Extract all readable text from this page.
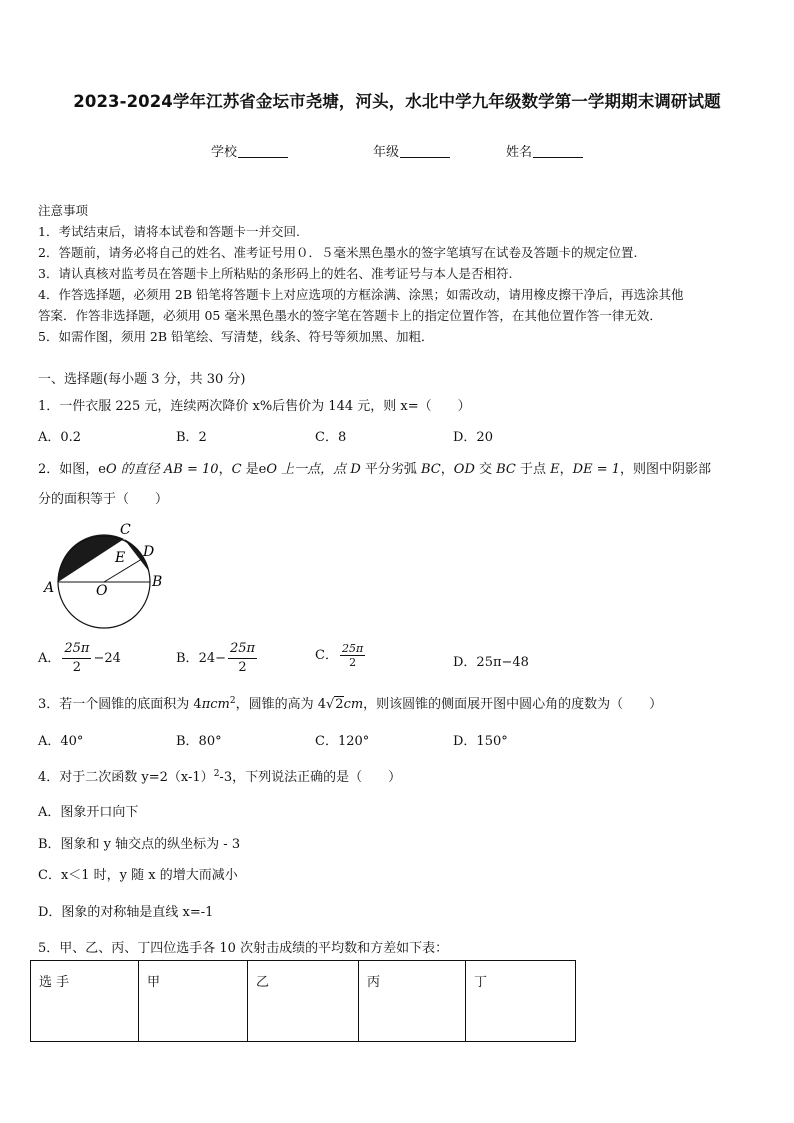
2023-2024学年江苏省金坛市尧塘，河头，水北中学九年级数学第一学期期末调研试题
学校	年级	姓名
注意事项
1．考试结束后，请将本试卷和答题卡一并交回.
2．答题前，请务必将自己的姓名、准考证号用０．５毫米黑色墨水的签字笔填写在试卷及答题卡的规定位置.
3．请认真核对监考员在答题卡上所粘贴的条形码上的姓名、准考证号与本人是否相符.
4．作答选择题，必须用 2B 铅笔将答题卡上对应选项的方框涂满、涂黑；如需改动，请用橡皮擦干净后，再选涂其他
答案．作答非选择题，必须用 05 毫米黑色墨水的签字笔在答题卡上的指定位置作答，在其他位置作答一律无效．
5．如需作图，须用 2B 铅笔绘、写清楚，线条、符号等须加黑、加粗．
一、选择题(每小题 3 分，共 30 分)
1．一件衣服 225 元，连续两次降价 x%后售价为 144 元，则 x=（　　）
A．0.2	B．2	C．8	D．20
2．如图，eO 的直径 AB = 10，C 是eO 上一点，点 D 平分劣弧 BC，OD 交 BC 于点 E，DE = 1，则图中阴影部
分的面积等于（　　）
A	B
C
D
E
O
A． $\frac{25\pi}{2} -24$	B．$24- \frac{25\pi}{2}$	C． $\frac{25\pi}{2}$	D．25π−48
3．若一个圆锥的底面积为 4πcm$^2$，圆锥的高为 4√2cm，则该圆锥的侧面展开图中圆心角的度数为（　　）
A．40°	B．80°	C．120°	D．150°
4．对于二次函数 $y=2(x-1)^2-3$，下列说法正确的是（　　）
A．图象开口向下
B．图象和 y 轴交点的纵坐标为 - 3
C．x＜1 时，y 随 x 的增大而减小
D．图象的对称轴是直线 x=-1
5．甲、乙、丙、丁四位选手各 10 次射击成绩的平均数和方差如下表：
选 手	甲	乙	丙	丁
